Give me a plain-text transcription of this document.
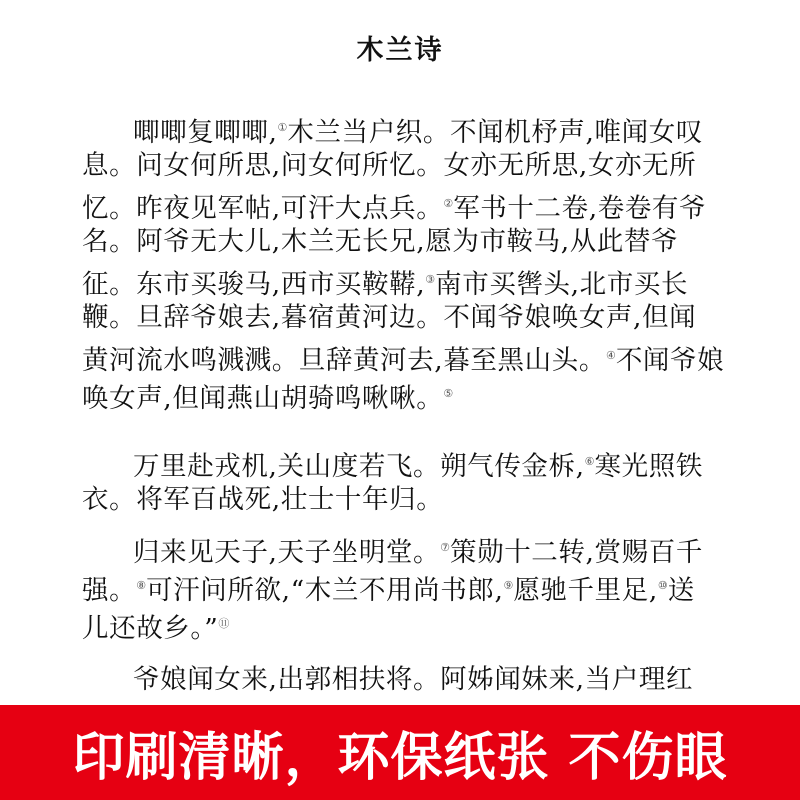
木兰诗
唧唧复唧唧,①木兰当户织。不闻机杼声,唯闻女叹
息。问女何所思,问女何所忆。女亦无所思,女亦无所
忆。昨夜见军帖,可汗大点兵。②军书十二卷,卷卷有爷
名。阿爷无大儿,木兰无长兄,愿为市鞍马,从此替爷
征。东市买骏马,西市买鞍鞯,③南市买辔头,北市买长
鞭。旦辞爷娘去,暮宿黄河边。不闻爷娘唤女声,但闻
黄河流水鸣溅溅。旦辞黄河去,暮至黑山头。④不闻爷娘
唤女声,但闻燕山胡骑鸣啾啾。⑤
万里赴戎机,关山度若飞。朔气传金柝,⑥寒光照铁
衣。将军百战死,壮士十年归。
归来见天子,天子坐明堂。⑦策勋十二转,赏赐百千
强。⑧可汗问所欲,“木兰不用尚书郎,⑨愿驰千里足,⑩送
儿还故乡。”⑪
爷娘闻女来,出郭相扶将。阿姊闻妹来,当户理红
印刷清晰，环保纸张 不伤眼
